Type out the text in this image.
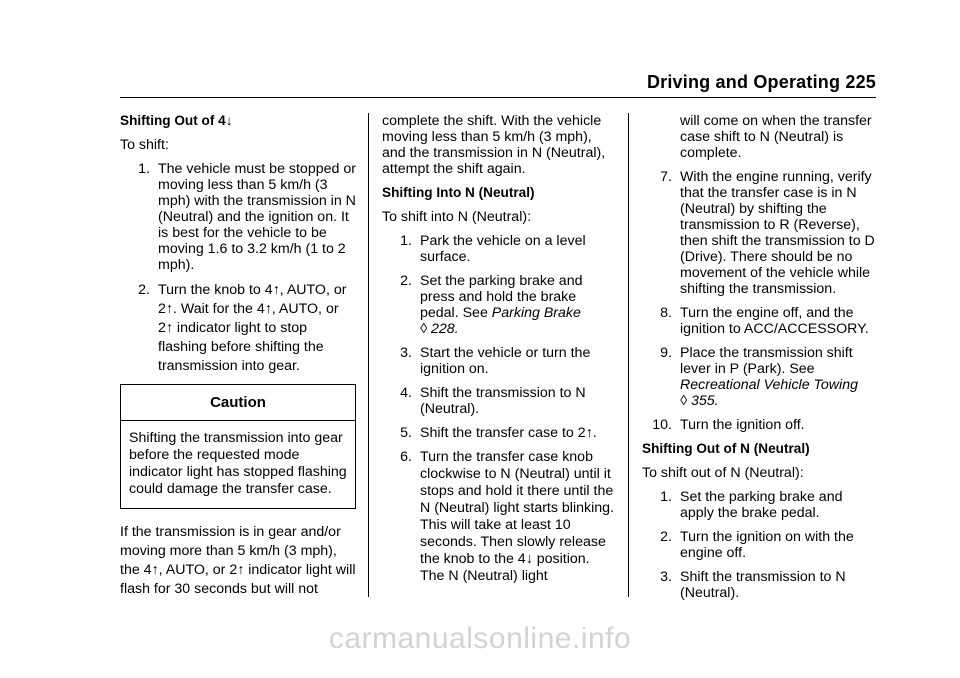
Driving and Operating 225

Shifting Out of 4↓

To shift:

1. The vehicle must be stopped or moving less than 5 km/h (3 mph) with the transmission in N (Neutral) and the ignition on. It is best for the vehicle to be moving 1.6 to 3.2 km/h (1 to 2 mph).
2. Turn the knob to 4↑, AUTO, or 2↑. Wait for the 4↑, AUTO, or 2↑ indicator light to stop flashing before shifting the transmission into gear.
Caution
Shifting the transmission into gear before the requested mode indicator light has stopped flashing could damage the transfer case.

If the transmission is in gear and/or moving more than 5 km/h (3 mph), the 4↑, AUTO, or 2↑ indicator light will flash for 30 seconds but will not

complete the shift. With the vehicle moving less than 5 km/h (3 mph), and the transmission in N (Neutral), attempt the shift again.

Shifting Into N (Neutral)

To shift into N (Neutral):

1. Park the vehicle on a level surface.
2. Set the parking brake and press and hold the brake pedal. See Parking Brake
◊ 228.
3. Start the vehicle or turn the ignition on.
4. Shift the transmission to N (Neutral).
5. Shift the transfer case to 2↑.
6. Turn the transfer case knob clockwise to N (Neutral) until it stops and hold it there until the N (Neutral) light starts blinking. This will take at least 10 seconds. Then slowly release the knob to the 4↓ position. The N (Neutral) light
will come on when the transfer case shift to N (Neutral) is complete.
7. With the engine running, verify that the transfer case is in N (Neutral) by shifting the transmission to R (Reverse), then shift the transmission to D (Drive). There should be no movement of the vehicle while shifting the transmission.
8. Turn the engine off, and the ignition to ACC/ACCESSORY.
9. Place the transmission shift lever in P (Park). See
Recreational Vehicle Towing
◊ 355.
10. Turn the ignition off.

Shifting Out of N (Neutral)

To shift out of N (Neutral):

1. Set the parking brake and apply the brake pedal.
2. Turn the ignition on with the engine off.
3. Shift the transmission to N (Neutral).
carmanualsonline.info
